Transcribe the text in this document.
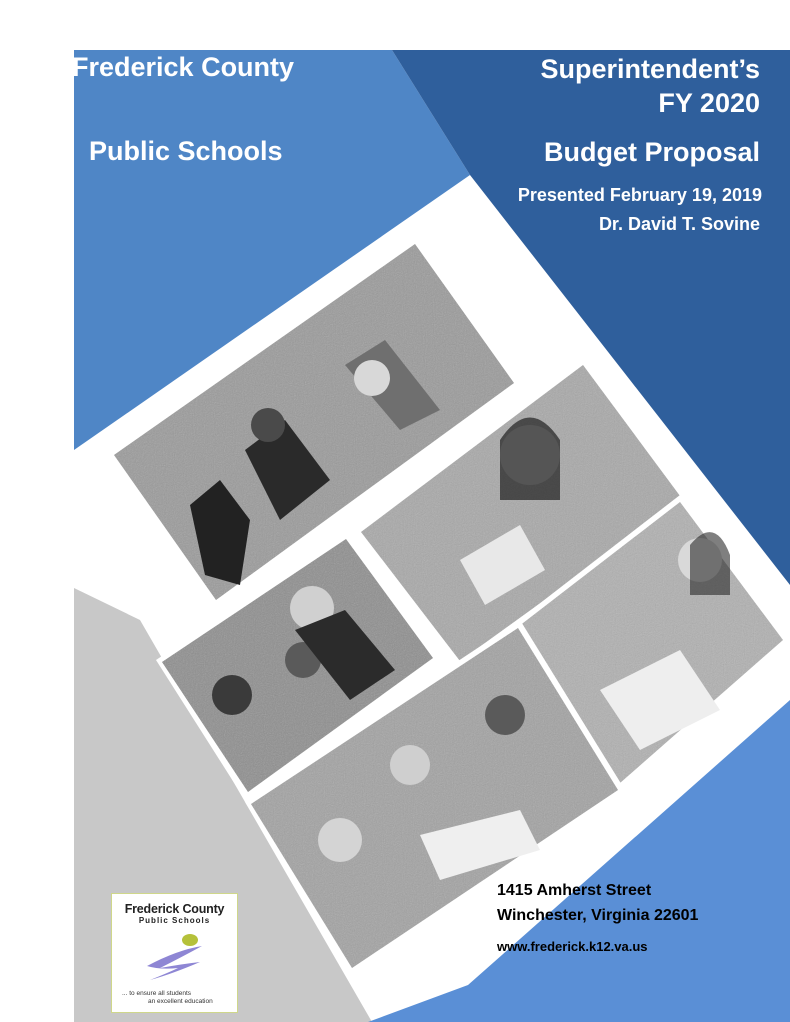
Frederick County

Public Schools

Superintendent’s

FY 2020

Budget Proposal

Presented February 19, 2019

Dr. David T. Sovine

1415 Amherst Street

Winchester, Virginia 22601

www.frederick.k12.va.us

Frederick County
Public Schools
... to ensure all students
an excellent education
